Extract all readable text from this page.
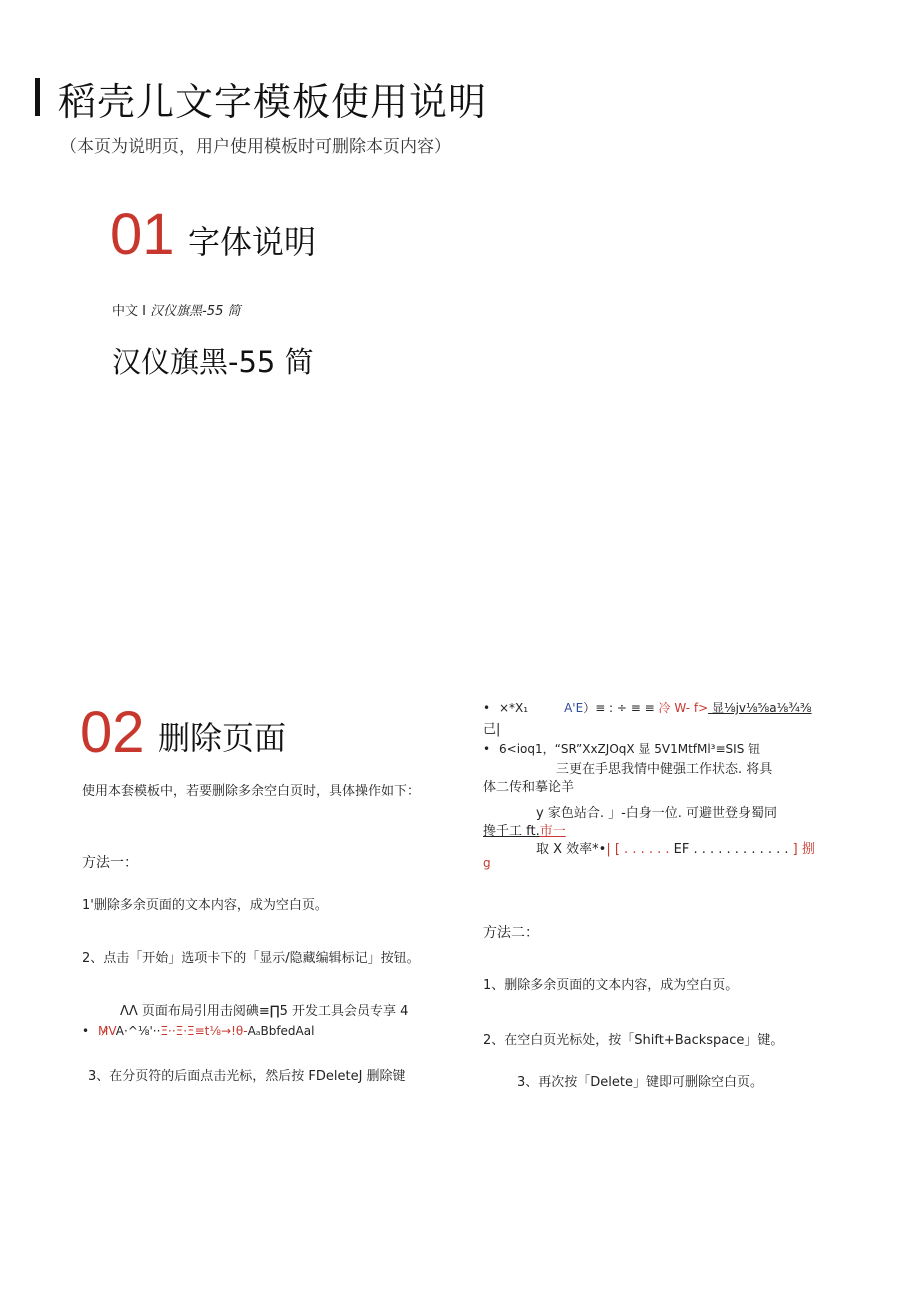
稻壳儿文字模板使用说明
（本页为说明页，用户使用模板时可删除本页内容）
01 字体说明
中文 I 汉仪旗黑-55 简
汉仪旗黑-55 简
02 删除页面
使用本套模板中，若要删除多余空白页时，具体操作如下：
方法一：
1'删除多余页面的文本内容，成为空白页。
2、点击「开始」选项卡下的「显示/隐藏编辑标记」按钮。
ΛΛ 页面布局引用击阅碘≡∏5 开发工具会员专享 4
• M̷VA·^⅛'··Ξ··Ξ·Ξ≡t⅛→!θ-AₐBbfedAal
3、在分页符的后面点击光标，然后按 FDeleteJ 删除键
• ×*X₁	A'E）≡ : ÷ ≡ ≡ 冷 W- f> 显⅛jv⅛⅝a⅛¾⅜
己|
• 6<ioq1，“SR”XxZJOqX 显 5V1MtfMl³≡SIS 钮
三更在手思我情中健强工作状态. 将具
体二传和摹论羊
y 家色站合. 」-白身一位. 可避世登身蜀同
搀千工 ft.市一
取 X 效率*•| [ . . . . . . EF . . . . . . . . . . . . ] 捌
g
方法二：
1、删除多余页面的文本内容，成为空白页。
2、在空白页光标处，按「Shift+Backspace」键。
3、再次按「Delete」键即可删除空白页。
